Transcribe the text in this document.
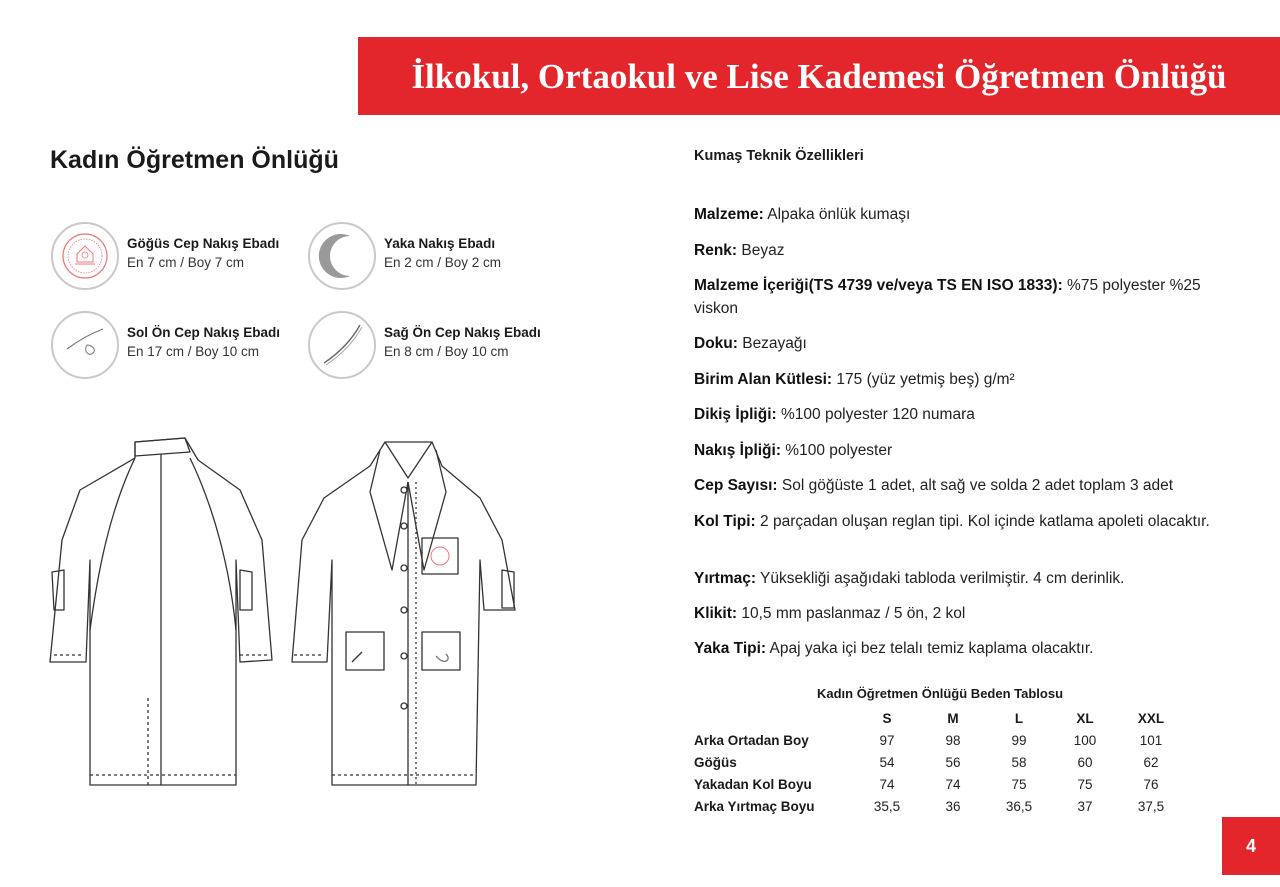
İlkokul, Ortaokul ve Lise Kademesi Öğretmen Önlüğü
Kadın Öğretmen Önlüğü
Göğüs Cep Nakış Ebadı
En 7 cm / Boy 7 cm
Yaka Nakış Ebadı
En 2 cm / Boy 2 cm
Sol Ön Cep Nakış Ebadı
En 17 cm / Boy 10 cm
Sağ Ön Cep Nakış Ebadı
En 8 cm / Boy 10 cm
Kumaş Teknik Özellikleri
Malzeme: Alpaka önlük kumaşı
Renk: Beyaz
Malzeme İçeriği(TS 4739 ve/veya TS EN ISO 1833): %75 polyester %25 viskon
Doku: Bezayağı
Birim Alan Kütlesi: 175 (yüz yetmiş beş) g/m²
Dikiş İpliği: %100 polyester 120 numara
Nakış İpliği: %100 polyester
Cep Sayısı: Sol göğüste 1 adet, alt sağ ve solda 2 adet toplam 3 adet
Kol Tipi: 2 parçadan oluşan reglan tipi. Kol içinde katlama apoleti olacaktır.
Yırtmaç: Yüksekliği aşağıdaki tabloda verilmiştir. 4 cm derinlik.
Klikit: 10,5 mm paslanmaz / 5 ön, 2 kol
Yaka Tipi: Apaj yaka içi bez telalı temiz kaplama olacaktır.
Kadın Öğretmen Önlüğü Beden Tablosu
	S	M	L	XL	XXL
Arka Ortadan Boy	97	98	99	100	101
Göğüs	54	56	58	60	62
Yakadan Kol Boyu	74	74	75	75	76
Arka Yırtmaç Boyu	35,5	36	36,5	37	37,5
4
